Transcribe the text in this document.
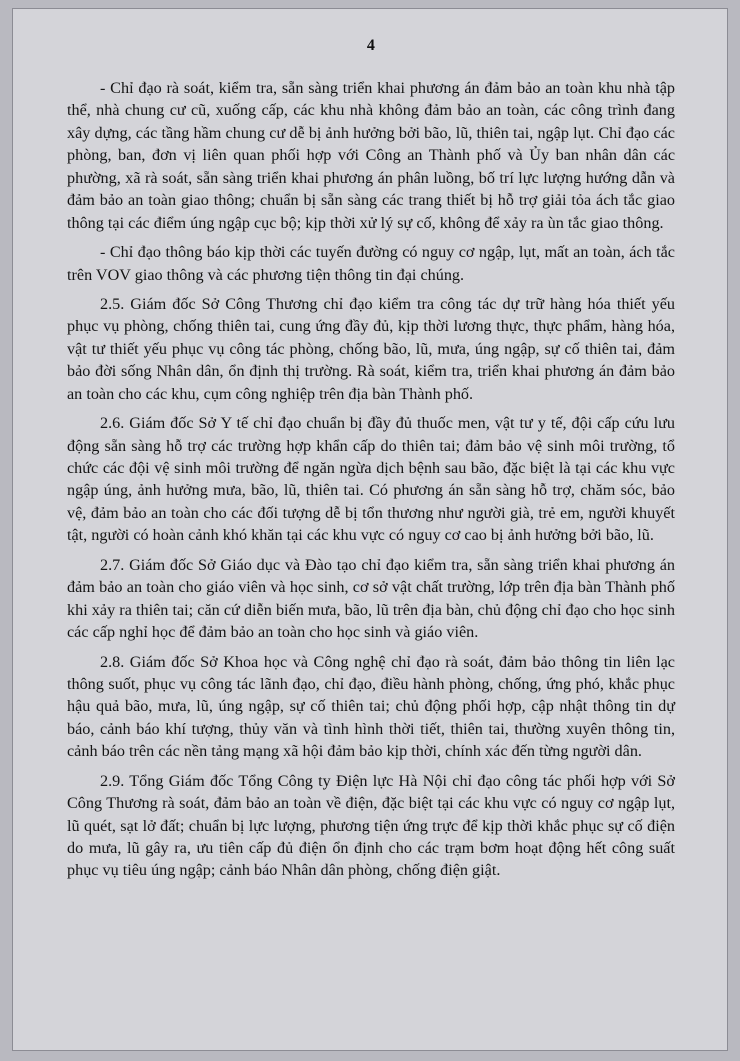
4

- Chỉ đạo rà soát, kiểm tra, sẵn sàng triển khai phương án đảm bảo an toàn khu nhà tập thể, nhà chung cư cũ, xuống cấp, các khu nhà không đảm bảo an toàn, các công trình đang xây dựng, các tầng hầm chung cư dễ bị ảnh hưởng bởi bão, lũ, thiên tai, ngập lụt. Chỉ đạo các phòng, ban, đơn vị liên quan phối hợp với Công an Thành phố và Ủy ban nhân dân các phường, xã rà soát, sẵn sàng triển khai phương án phân luồng, bố trí lực lượng hướng dẫn và đảm bảo an toàn giao thông; chuẩn bị sẵn sàng các trang thiết bị hỗ trợ giải tỏa ách tắc giao thông tại các điểm úng ngập cục bộ; kịp thời xử lý sự cố, không để xảy ra ùn tắc giao thông.

- Chỉ đạo thông báo kịp thời các tuyến đường có nguy cơ ngập, lụt, mất an toàn, ách tắc trên VOV giao thông và các phương tiện thông tin đại chúng.

2.5. Giám đốc Sở Công Thương chỉ đạo kiểm tra công tác dự trữ hàng hóa thiết yếu phục vụ phòng, chống thiên tai, cung ứng đầy đủ, kịp thời lương thực, thực phẩm, hàng hóa, vật tư thiết yếu phục vụ công tác phòng, chống bão, lũ, mưa, úng ngập, sự cố thiên tai, đảm bảo đời sống Nhân dân, ổn định thị trường. Rà soát, kiểm tra, triển khai phương án đảm bảo an toàn cho các khu, cụm công nghiệp trên địa bàn Thành phố.

2.6. Giám đốc Sở Y tế chỉ đạo chuẩn bị đầy đủ thuốc men, vật tư y tế, đội cấp cứu lưu động sẵn sàng hỗ trợ các trường hợp khẩn cấp do thiên tai; đảm bảo vệ sinh môi trường, tổ chức các đội vệ sinh môi trường để ngăn ngừa dịch bệnh sau bão, đặc biệt là tại các khu vực ngập úng, ảnh hưởng mưa, bão, lũ, thiên tai. Có phương án sẵn sàng hỗ trợ, chăm sóc, bảo vệ, đảm bảo an toàn cho các đối tượng dễ bị tổn thương như người già, trẻ em, người khuyết tật, người có hoàn cảnh khó khăn tại các khu vực có nguy cơ cao bị ảnh hưởng bởi bão, lũ.

2.7. Giám đốc Sở Giáo dục và Đào tạo chỉ đạo kiểm tra, sẵn sàng triển khai phương án đảm bảo an toàn cho giáo viên và học sinh, cơ sở vật chất trường, lớp trên địa bàn Thành phố khi xảy ra thiên tai; căn cứ diễn biến mưa, bão, lũ trên địa bàn, chủ động chỉ đạo cho học sinh các cấp nghỉ học để đảm bảo an toàn cho học sinh và giáo viên.

2.8. Giám đốc Sở Khoa học và Công nghệ chỉ đạo rà soát, đảm bảo thông tin liên lạc thông suốt, phục vụ công tác lãnh đạo, chỉ đạo, điều hành phòng, chống, ứng phó, khắc phục hậu quả bão, mưa, lũ, úng ngập, sự cố thiên tai; chủ động phối hợp, cập nhật thông tin dự báo, cảnh báo khí tượng, thủy văn và tình hình thời tiết, thiên tai, thường xuyên thông tin, cảnh báo trên các nền tảng mạng xã hội đảm bảo kịp thời, chính xác đến từng người dân.

2.9. Tổng Giám đốc Tổng Công ty Điện lực Hà Nội chỉ đạo công tác phối hợp với Sở Công Thương rà soát, đảm bảo an toàn về điện, đặc biệt tại các khu vực có nguy cơ ngập lụt, lũ quét, sạt lở đất; chuẩn bị lực lượng, phương tiện ứng trực để kịp thời khắc phục sự cố điện do mưa, lũ gây ra, ưu tiên cấp đủ điện ổn định cho các trạm bơm hoạt động hết công suất phục vụ tiêu úng ngập; cảnh báo Nhân dân phòng, chống điện giật.
